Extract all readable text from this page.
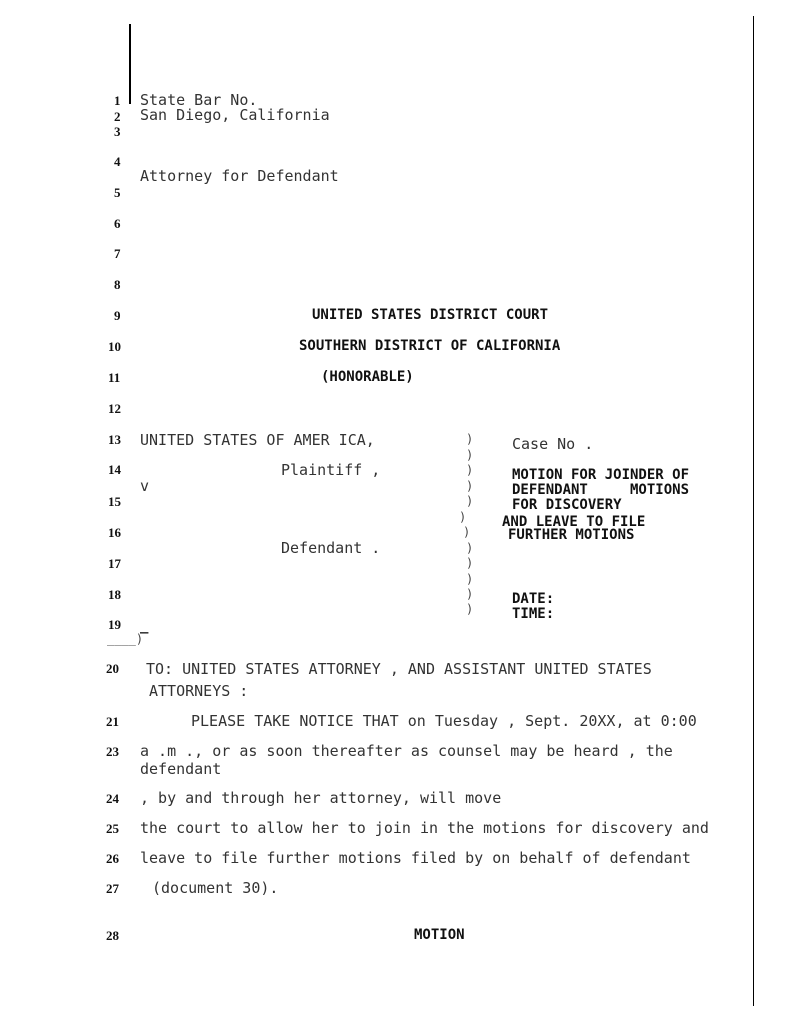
1
2
3
4
5
6
7
8
9
10
11
12
13
14
15
16
17
18
19
20
21
23
24
25
26
27
28
State Bar No.
San Diego, California
Attorney for Defendant
UNITED STATES DISTRICT COURT
SOUTHERN DISTRICT OF CALIFORNIA
(HONORABLE)
UNITED STATES OF AMER ICA,
Plaintiff ,
v
Defendant .
)
)
)
)
)
)
)
)
)
)
)
)
Case No .
MOTION FOR JOINDER OF
DEFENDANT     MOTIONS
FOR DISCOVERY
AND LEAVE TO FILE
FURTHER MOTIONS
DATE:
TIME:
_
____)
TO: UNITED STATES ATTORNEY , AND ASSISTANT UNITED STATES
ATTORNEYS :
PLEASE TAKE NOTICE THAT on Tuesday , Sept. 20XX, at 0:00
a .m ., or as soon thereafter as counsel may be heard , the
defendant
, by and through her attorney, will move
the court to allow her to join in the motions for discovery and
leave to file further motions filed by on behalf of defendant
(document 30).
MOTION
